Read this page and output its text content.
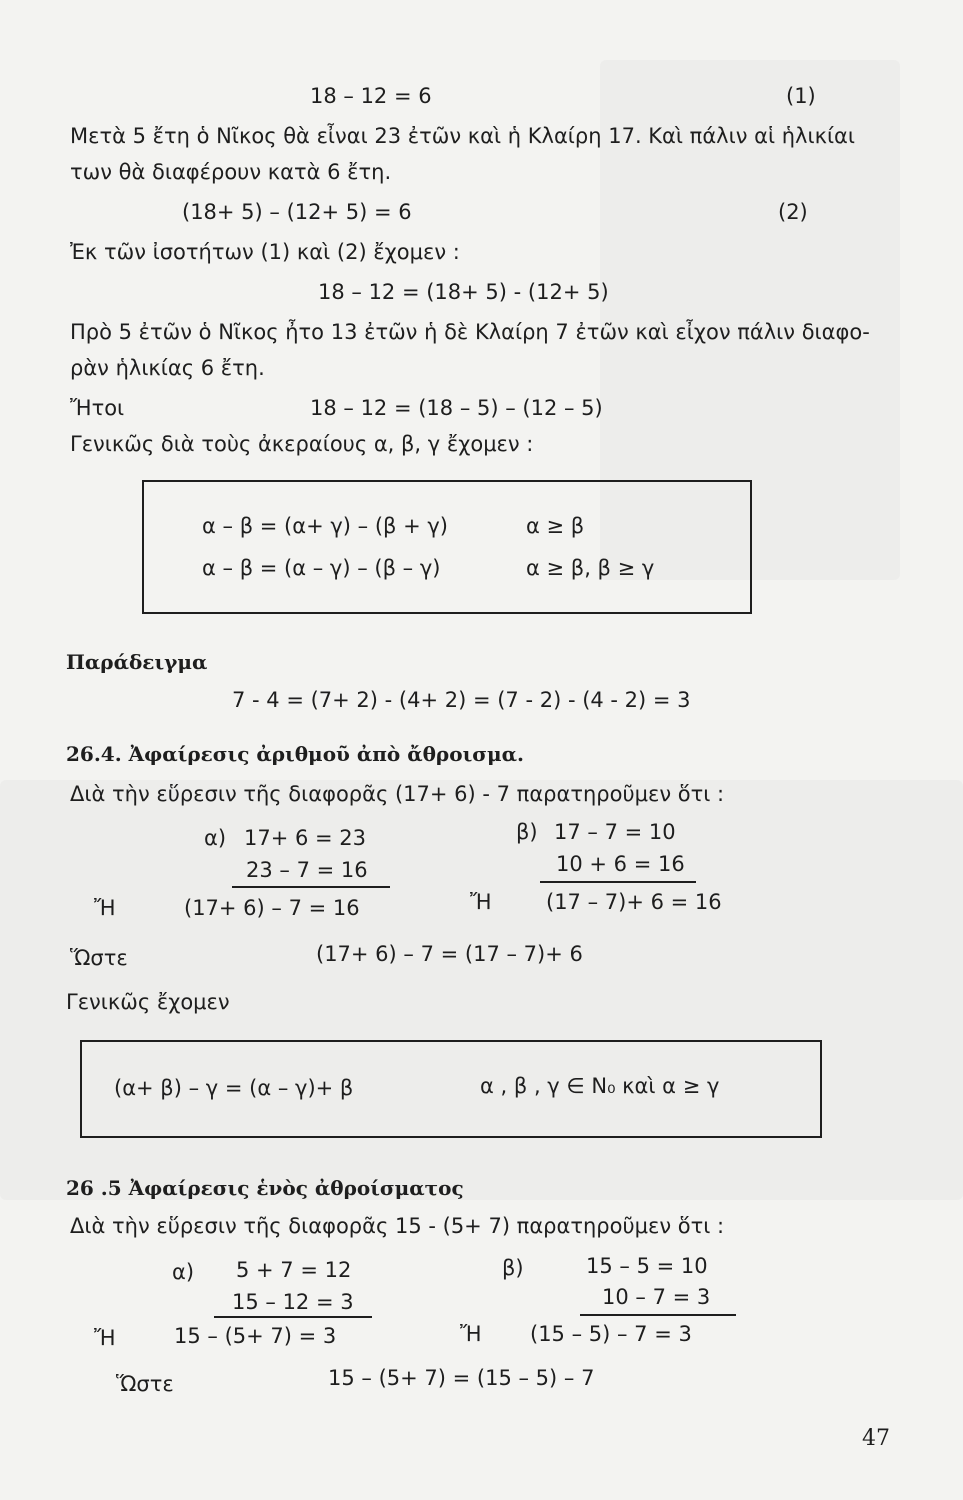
18 – 12 = 6	(1)
Μετὰ 5 ἔτη ὁ Νῖκος θὰ εἶναι 23 ἐτῶν καὶ ἡ Κλαίρη 17. Καὶ πάλιν αἱ ἡλικίαι
των θὰ διαφέρουν κατὰ 6 ἔτη.
(18+ 5) – (12+ 5) = 6	(2)
Ἐκ τῶν ἰσοτήτων (1) καὶ (2) ἔχομεν :
18 – 12 = (18+ 5) - (12+ 5)
Πρὸ 5 ἐτῶν ὁ Νῖκος ἦτο 13 ἐτῶν ἡ δὲ Κλαίρη 7 ἐτῶν καὶ εἶχον πάλιν διαφο-
ρὰν ἡλικίας 6 ἔτη.
Ἤτοι	18 – 12 = (18 – 5) – (12 – 5)
Γενικῶς διὰ τοὺς ἀκεραίους α, β, γ ἔχομεν :
α – β = (α+ γ) – (β + γ)	α ≥ β
α – β = (α – γ) – (β – γ)	α ≥ β, β ≥ γ
Παράδειγμα
7 - 4 = (7+ 2) - (4+ 2) = (7 - 2) - (4 - 2) = 3
26.4. Ἀφαίρεσις ἀριθμοῦ ἀπὸ ἄθροισμα.
Διὰ τὴν εὕρεσιν τῆς διαφορᾶς (17+ 6) - 7 παρατηροῦμεν ὅτι :
α) 17+ 6 = 23	β) 17 – 7 = 10
23 – 7 = 16	10 + 6 = 16
Ἤ	(17+ 6) – 7 = 16	Ἤ	(17 – 7)+ 6 = 16
Ὥστε	(17+ 6) – 7 = (17 – 7)+ 6
Γενικῶς ἔχομεν
(α+ β) – γ = (α – γ)+ β	α , β , γ ∈ N₀ καὶ α ≥ γ
26 .5 Ἀφαίρεσις ἑνὸς ἀθροίσματος
Διὰ τὴν εὕρεσιν τῆς διαφορᾶς 15 - (5+ 7) παρατηροῦμεν ὅτι :
α) 5 + 7 = 12	β)	15 – 5 = 10
15 – 12 = 3	10 – 7 = 3
Ἤ	15 – (5+ 7) = 3	Ἤ (15 – 5) – 7 = 3
Ὥστε	15 – (5+ 7) = (15 – 5) – 7
47
